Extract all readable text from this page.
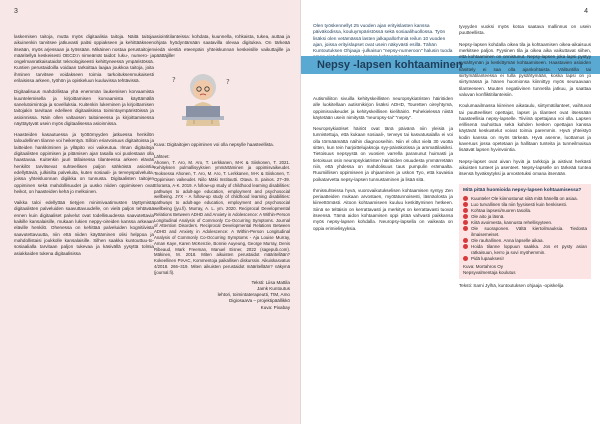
3

laskemisen taitoja, mutta myös digitaalisia taitoja. Näitä taitoja aikuinenkin tarvitsee jatkuvasti paitsi oppiakseen ja kehittääkseen itseään, myös arjessaan ja työssään. Mikäinen nostaa perustaitojen määritellyä keskeisesti OECD:n nimeämät taidot: luku-, numero- ja ongelmanratkaisutaidot teknologiseesti kehittyneessä ympäristössä. Kuntien perustaidoilla voidaan tarkoittaa laajaa joukkoa taitoja, joita ihminen tarvitsee voidakseen toimia tarkoituksenmukaisesti erilaisissa arkeen, työhön ja opiskeluun kuuluvissa tehtävissä.

Digitaalisuus mahdollistaa yhä enemmän laukemisen korvaamista kuuntelemisella ja kirjoittamisen korvaamista käyttämällä sanelutoimintoja ja sovelluksia. Kuitenkin lukeminen ja kirjoittamisen taitojakin tarvitaan edelleen digitaalisissa toimintaympäristöissä ja asioinnissa. Näin ollen valtaosen taitoineessa ja kirjoittamisessa näyttäytyvät usein myös digitaalisessa asioinnissa.

Haasteiden kasautuessa ja työttömyyden jatkuessa henkilön taloudellinen tilanne voi heikentyä. Silloin eriarvoisuus digitaitoissa ja laitteiden hankkiminen ja ylläpito voi vaikeutua. Ilman digitaitoja digitaalisten oppimisen ja pitämisen ajan tasalla voi puolestaan olla haastavaa. Kuitenkin juuri tällaisessa tilanteessa arkeen eläväs henkilöt tarvitsevat suhteellisen paljon sähköistä asiointia edellyttäviä, julkisilta palveluita, kuten sosiaali- ja terveyspalveluita, joissa yhteisluonnan digiikka on tunnusta. Digitaalisten taitojen oppiminen sekä mahdollisuudet ja uusko niiden oppimiseen ovat heikot, on haasteiden kehä jo melkoinen.

Vaikka taloi edellyttää tietyjen minimivaatimusten täyttymistä digitaalisten palveluiden saavuttavuudelle, on vielä paljon tehtävää ennen kuin digitaaliset palvelut ovat todellisuudessa saavutettavia kaikille kansalaisille, mukaan lukien neppy-oireiden kanssa arkeaan eläville henkilö. Ohenessa on kehittää palveluiden kognitiivista saavutettavuutta, niin että niiden käyttäminen olisi helppoa ja mahdollistaisi joukkolle kansalaisille. Silhen saakka kuntouttuu-to-sosiaalialla tarvitaan paljon tukevaa ja käsivällä yysyttä tolmia asiakkaiden tukena digitaalisissa

asiointitilanteissa: kohdata, kuunnella, rohkaista, tukea, auttaa ja ohjata hyödyntämään saatavilla olevaa digitukea. On tärkeää viedä viestiä eteenpäin yhteiskunnan keskeisille vaikuttajille ja päättäjille!

?	?

Kuva: Digitaitojen oppiminen voi olla nepsylle haasteellista.

Lähteet:

Ahonen, T. Aro, M. Aro, T. Lerkkanen, M-K & Siiskonen, T. 2021. Kehityksen pulmallisyyksien ymmärtäminen ja oppimisvaikeudet. Teoksessa Ahonen, T. Aro, M. Aro, T. Lerkkanen, M-K & Siiskonen, T. Oppimisen vaikeudet. Niilo Mäki Instituutti. Otava. S. painos. 27–39. Eloranta, A-K. 2019. A follow-up study of childhood learning disabilities: pathways to adult-age education, employment and psychosocial wellbeing. JYX - A follow-up study of childhood learning disabilities: pathways to adult-age education, employment and psychosocial wellbeing (jyu.fi). Murray, A. L. ym. 2020. Reciprocal Developmental Relations Between ADHD and Anxiety in Adolescence: A Within-Person Longitudinal Analysis of Commonly Co-Occurring Symptoms. Journal of Attention Disorders. Reciprocal Developmental Relations Between ADHD and Anxiety in Adolescence: A Within-Person Longitudinal Analysis of Commonly Co-Occurring Symptoms - Aja Louise Murray, Aman Kaye, Karen McKenzie, Bonnie Auyeung, George Murray, Denis Ribeaud, Mark Freeman, Manuel Eisner, 2022 (sagepub.com). Mäkinen, M. 2018. Miten aikuisten perustaidot määritellään? Kokeellinen PIAAC, Kommentoja paikallisen diskurssin. Aikuiskasvatus 4/2018. 266–319. Miten aikuisten perustaidot määritellään? näkymä (journal.fi).

Teksti: Liisa Mattila
Jamk Kuntoutus
lehtori, toimintaterapeutti, TtM, Amo
DigiosaaVa – projektipäällikkö
Kuva: Pixabay
4

Olen työskennellyt 25 vuoden ajan erityislasten kanssa päiväkodissa, kouluympäristössä sekä sosiaalihuollossa. Työn lisäksi olen vetämässä lasten jalkapallorhmiä reilun 10 vuoden ajan, joissa erityislapset ovat usein näkyvästi esillä. Tähän Kuntoutuksen Ohjaaja -julkaisun "nepsy-numeroon" halusin tuoda

Nepsy -lapsen kohtaaminen

Autismiliiton sivuilla kehityskeillisten neuropsykiatristen häiriöiden alle luokitellaan autismikirjon lisäksi ADHD, Touretten oireyhtymä, oppimisvaikeudet ja kehityskeillisen kielihäiriö. Puhekielessä niistä käytetään usein nimitystä "neuropsy-tai" "nepsy".

Neuropsykiatriset häiriöt ovat tänä päivänä niin yleisiä ja tunnistettuja, että kukaan sosiaali-, terveys tai kasvatusalalla ei voi olla törmäämättä näihin diagnooseihin. Niin el ollut vielä 30 vuotta sitten, kun tein harjoittelujaksoja syy-päiväkotissa ja ammattilaisiksi. Tietoisuus nepsyystä on vuosien varrella paranunut huimasti ja tietoisuus osin neuropsykiatristen häiriöiden osuudesta ymmärretään niin, että yhdessa on mahdolisuus taus pumpulin erämaalta. Ruumiillisen oppimiseen ja ohjaaminen ja uskon Tyo, että kuvaisia poikatarvetta nepsy-lapsen tunnustaminen ja lisää sitä.

Ihmissuhteissa hyvä, vuorovaikutukselisen kohtaamisen syntyy Zen periaatteiden mukaan arvostaen, myötätunnoisesti, läsnäolosta ja kiireettömästi. Aitoon kohtaamiseen kuuluu keskittyminen hetkeen. Siinä se teltäisin on kerrattavasti ja merkitys on kerrattavasti tuovat itseensä. Tämä aidon kohtaamisen oppi pitää vahvasti paikkansa myös nepsy-lapsen kohdalla. Neuropsy-lapsella on vaikeata on oppia erimielisyyksia.

tyvyyden vuoksi myös kotoa saatava mallinnus on usein puutteellista.

Nepsy-lapsen kohdalla oikea tila ja kohtaamisen oikea-aikaisuus merkitsee paljon. Fyysinen tila ja oikea aika vaikuttavat siihen, että kohtaaminen on onnistunut. Nepsy-lapsen joka lapsi pystyy pysähtymän ja keskittymän kohtaamiseen. Haastavien asioiden käsittely ei saa olla ajankohtaista. Välituntilla tai siirtymätilanteessa ei tulla pysähtymään, koska lapsi on jo siirtymässä ja hänen huomionsa kiinnittyy myös seuraavaan tilanteeseen. Muuten negatiivinen tunnetila jatkuu, ja saattaa valuvan konfliktitilanteisiin.

Koulumaailmassa kiireinen aikataulu, siirtymätilanteet, vaihtuvat tai puutteelliset opettajat, lapset ja tilanteet ovat itsessään haasteellisia nepsy-lapselle. Tiiviinä opettajana voi olla. Lapsen erillisenä rauhoittua sekä kahden kesken opettajan kanssa käytävät keskustelut voivat toimia paremmin. Hyvä yhteistyö kodin kanssa on myös tärkeää. Hyvä asenne, luottamus ja kaveruus jossa opetetaan ja hallitaan tunteita ja tunneilmaisua lisäävät lapsen hyvinvointia.

Nepsy-lapset ovat aivan hyviä ja tarkkoja ja aistivat herkästi aikuisten tunteet ja asenteet. Nepsy-lapselle on tärkeää tuntea itsensä hyväksytyksi ja arvostetuksi omana itsenään.

Mitä pitää huomioida nepsy-lapsen kohtaamisessa?
Kuuntele! Ole kiinnostunut siitä mitä hänellä on asiaa.
Luo turvallinen tila niin fyysisesti kuin henkisesti.
Kohtaa lapsesi/nuoren tasolla.
Ole aito ja läsnä.
Kiitä avoimesta, kannusta rehellisyyteen.
Ole suoraponen. Vältä kiertoilmauksia. Tiedosta ilmaisemeiset.
Ole rauhallinen. Anna lapselle aikaa.
Hoida tilanne loppuun saakka. Jos et pysty asian ratkaisuun, kerro ja sovi myöhemmin.
Pidä lupauksesi!
Kuva: Mortahros Oy
Nepsyvalmentaja koulutus
Teksti: Sami Jylhä, kuntoutuksen ohjaaja -opiskelija
